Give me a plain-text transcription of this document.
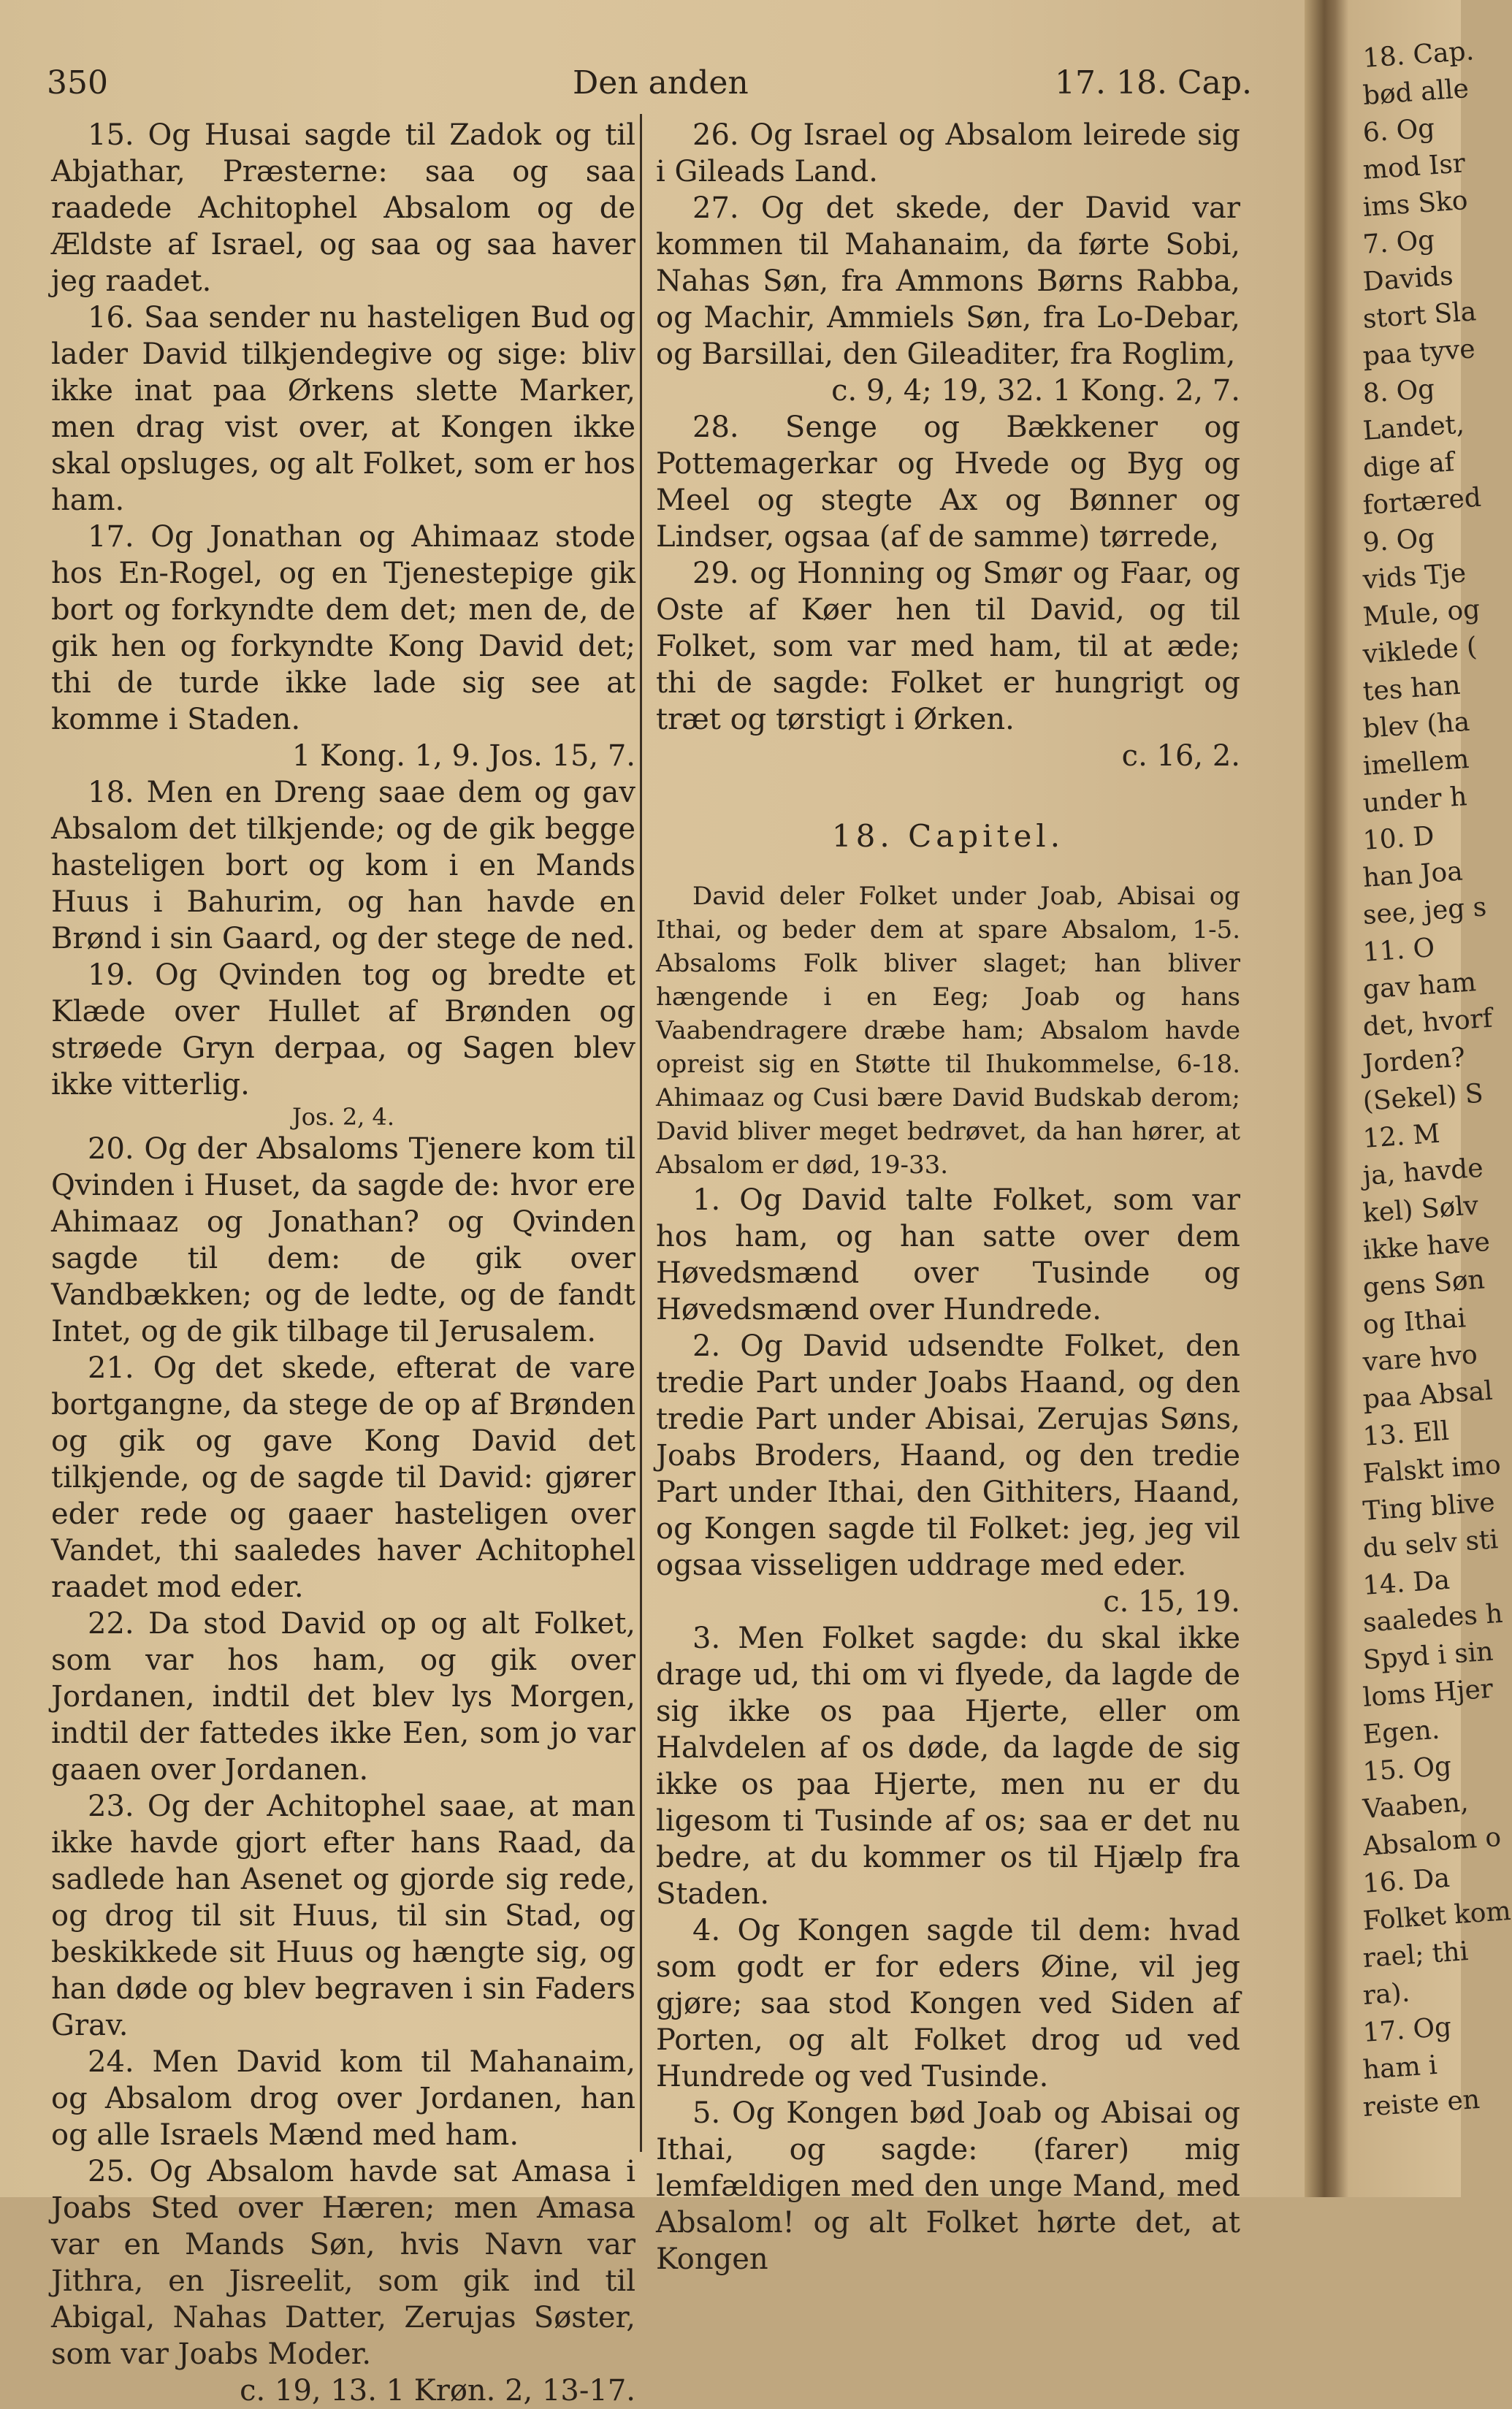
350	Den anden	17. 18. Cap.

15. Og Husai sagde til Zadok og til Abjathar, Præsterne: saa og saa raadede Achitophel Absalom og de Ældste af Israel, og saa og saa haver jeg raadet.

16. Saa sender nu hasteligen Bud og lader David tilkjendegive og sige: bliv ikke inat paa Ørkens slette Marker, men drag vist over, at Kongen ikke skal opsluges, og alt Folket, som er hos ham.

17. Og Jonathan og Ahimaaz stode hos En-Rogel, og en Tjenestepige gik bort og forkyndte dem det; men de, de gik hen og forkyndte Kong David det; thi de turde ikke lade sig see at komme i Staden.

1 Kong. 1, 9. Jos. 15, 7.

18. Men en Dreng saae dem og gav Absalom det tilkjende; og de gik begge hasteligen bort og kom i en Mands Huus i Bahurim, og han havde en Brønd i sin Gaard, og der stege de ned.

19. Og Qvinden tog og bredte et Klæde over Hullet af Brønden og strøede Gryn derpaa, og Sagen blev ikke vitterlig.

Jos. 2, 4.

20. Og der Absaloms Tjenere kom til Qvinden i Huset, da sagde de: hvor ere Ahimaaz og Jonathan? og Qvinden sagde til dem: de gik over Vandbækken; og de ledte, og de fandt Intet, og de gik tilbage til Jerusalem.

21. Og det skede, efterat de vare bortgangne, da stege de op af Brønden og gik og gave Kong David det tilkjende, og de sagde til David: gjører eder rede og gaaer hasteligen over Vandet, thi saaledes haver Achitophel raadet mod eder.

22. Da stod David op og alt Folket, som var hos ham, og gik over Jordanen, indtil det blev lys Morgen, indtil der fattedes ikke Een, som jo var gaaen over Jordanen.

23. Og der Achitophel saae, at man ikke havde gjort efter hans Raad, da sadlede han Asenet og gjorde sig rede, og drog til sit Huus, til sin Stad, og beskikkede sit Huus og hængte sig, og han døde og blev begraven i sin Faders Grav.

24. Men David kom til Mahanaim, og Absalom drog over Jordanen, han og alle Israels Mænd med ham.

25. Og Absalom havde sat Amasa i Joabs Sted over Hæren; men Amasa var en Mands Søn, hvis Navn var Jithra, en Jisreelit, som gik ind til Abigal, Nahas Datter, Zerujas Søster, som var Joabs Moder.

c. 19, 13. 1 Krøn. 2, 13-17.

26. Og Israel og Absalom leirede sig i Gileads Land.

27. Og det skede, der David var kommen til Mahanaim, da førte Sobi, Nahas Søn, fra Ammons Børns Rabba, og Machir, Ammiels Søn, fra Lo-Debar, og Barsillai, den Gileaditer, fra Roglim,

c. 9, 4; 19, 32. 1 Kong. 2, 7.

28. Senge og Bækkener og Pottemagerkar og Hvede og Byg og Meel og stegte Ax og Bønner og Lindser, ogsaa (af de samme) tørrede,

29. og Honning og Smør og Faar, og Oste af Køer hen til David, og til Folket, som var med ham, til at æde; thi de sagde: Folket er hungrigt og træt og tørstigt i Ørken.

c. 16, 2.

18. Capitel.

David deler Folket under Joab, Abisai og Ithai, og beder dem at spare Absalom, 1-5. Absaloms Folk bliver slaget; han bliver hængende i en Eeg; Joab og hans Vaabendragere dræbe ham; Absalom havde opreist sig en Støtte til Ihukommelse, 6-18. Ahimaaz og Cusi bære David Budskab derom; David bliver meget bedrøvet, da han hører, at Absalom er død, 19-33.

1. Og David talte Folket, som var hos ham, og han satte over dem Høvedsmænd over Tusinde og Høvedsmænd over Hundrede.

2. Og David udsendte Folket, den tredie Part under Joabs Haand, og den tredie Part under Abisai, Zerujas Søns, Joabs Broders, Haand, og den tredie Part under Ithai, den Githiters, Haand, og Kongen sagde til Folket: jeg, jeg vil ogsaa visseligen uddrage med eder.

c. 15, 19.

3. Men Folket sagde: du skal ikke drage ud, thi om vi flyede, da lagde de sig ikke os paa Hjerte, eller om Halvdelen af os døde, da lagde de sig ikke os paa Hjerte, men nu er du ligesom ti Tusinde af os; saa er det nu bedre, at du kommer os til Hjælp fra Staden.

4. Og Kongen sagde til dem: hvad som godt er for eders Øine, vil jeg gjøre; saa stod Kongen ved Siden af Porten, og alt Folket drog ud ved Hundrede og ved Tusinde.

5. Og Kongen bød Joab og Abisai og Ithai, og sagde: (farer) mig lemfældigen med den unge Mand, med Absalom! og alt Folket hørte det, at Kongen

18. Cap.
bød alle
6. Og
mod Isr
ims Sko
7. Og
Davids
stort Sla
paa tyve
8. Og
Landet,
dige af
fortæred
9. Og
vids Tje
Mule, og
viklede (
tes han
blev (ha
imellem
under h
10. D
han Joa
see, jeg s
11. O
gav ham
det, hvorf
Jorden?
(Sekel) S
12. M
ja, havde
kel) Sølv
ikke have
gens Søn
og Ithai
vare hvo
paa Absal
13. Ell
Falskt imo
Ting blive
du selv sti
14. Da
saaledes h
Spyd i sin
loms Hjer
Egen.
15. Og
Vaaben,
Absalom o
16. Da
Folket kom
rael; thi
ra).
17. Og
ham i
reiste en
